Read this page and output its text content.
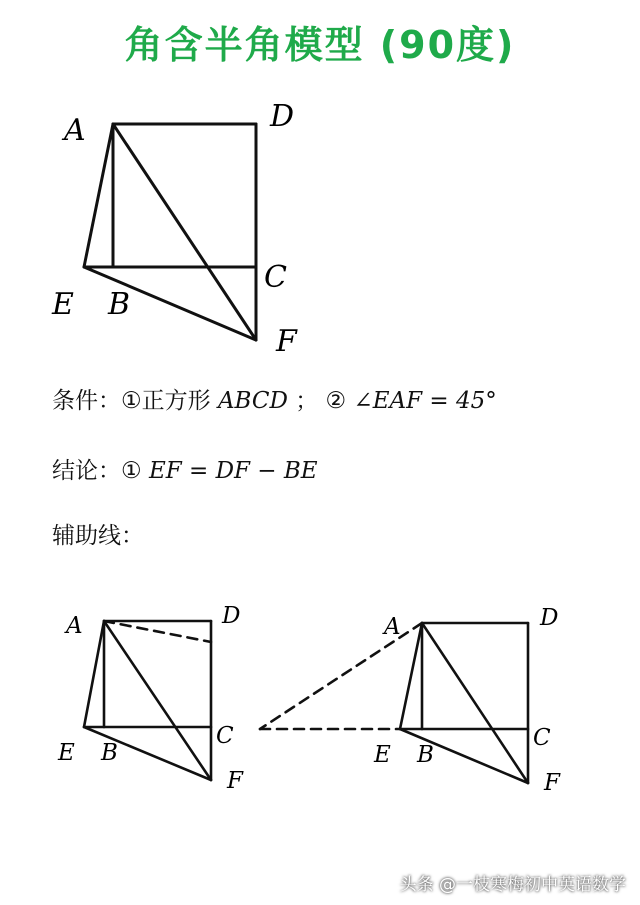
角含半角模型 (90度)
A	D
C
E B
F
A	D
C
E B
F
A	D
C
E B
F
条件：①正方形 ABCD ； ② ∠EAF = 45°
结论：① EF = DF − BE
辅助线：
头条 @一枝寒梅初中英语数学
